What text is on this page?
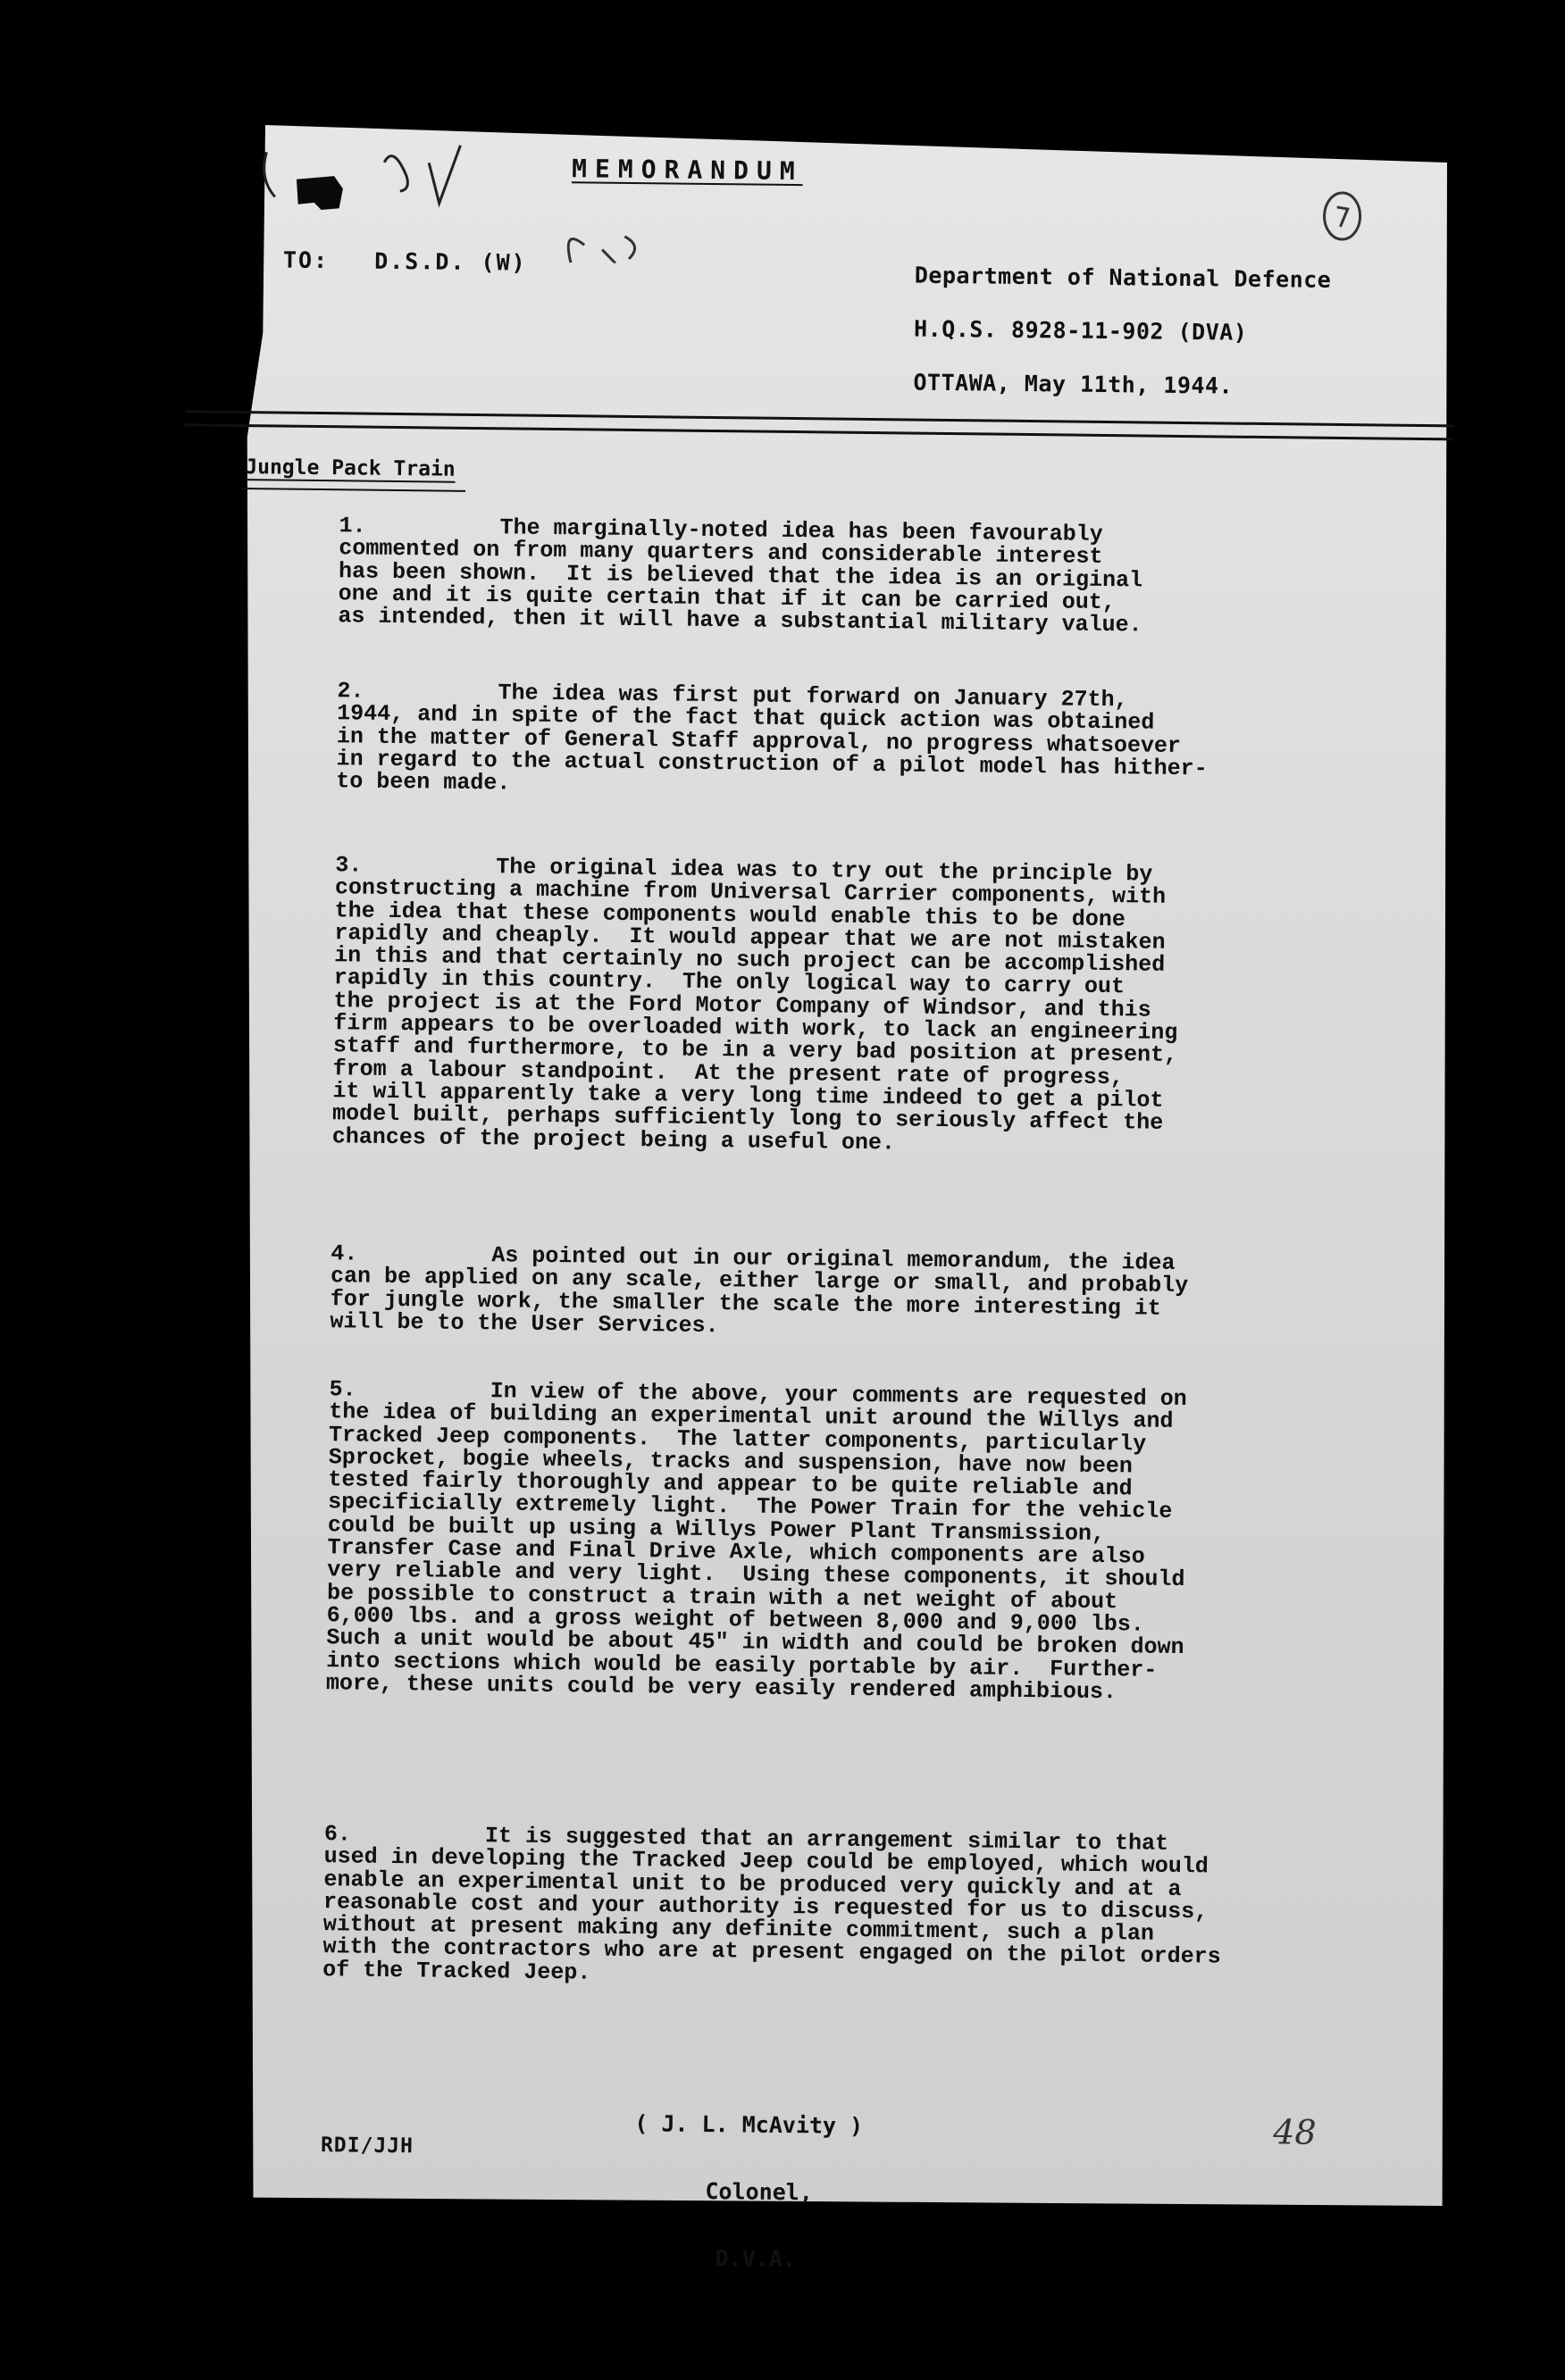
MEMORANDUM
TO: D.S.D. (W)
Department of National Defence
H.Q.S. 8928-11-902 (DVA)
OTTAWA, May 11th, 1944.
Jungle Pack Train
1.          The marginally-noted idea has been favourably
commented on from many quarters and considerable interest
has been shown.  It is believed that the idea is an original
one and it is quite certain that if it can be carried out,
as intended, then it will have a substantial military value.
2.          The idea was first put forward on January 27th,
1944, and in spite of the fact that quick action was obtained
in the matter of General Staff approval, no progress whatsoever
in regard to the actual construction of a pilot model has hither-
to been made.
3.          The original idea was to try out the principle by
constructing a machine from Universal Carrier components, with
the idea that these components would enable this to be done
rapidly and cheaply.  It would appear that we are not mistaken
in this and that certainly no such project can be accomplished
rapidly in this country.  The only logical way to carry out
the project is at the Ford Motor Company of Windsor, and this
firm appears to be overloaded with work, to lack an engineering
staff and furthermore, to be in a very bad position at present,
from a labour standpoint.  At the present rate of progress,
it will apparently take a very long time indeed to get a pilot
model built, perhaps sufficiently long to seriously affect the
chances of the project being a useful one.
4.          As pointed out in our original memorandum, the idea
can be applied on any scale, either large or small, and probably
for jungle work, the smaller the scale the more interesting it
will be to the User Services.
5.          In view of the above, your comments are requested on
the idea of building an experimental unit around the Willys and
Tracked Jeep components.  The latter components, particularly
Sprocket, bogie wheels, tracks and suspension, have now been
tested fairly thoroughly and appear to be quite reliable and
specificially extremely light.  The Power Train for the vehicle
could be built up using a Willys Power Plant Transmission,
Transfer Case and Final Drive Axle, which components are also
very reliable and very light.  Using these components, it should
be possible to construct a train with a net weight of about
6,000 lbs. and a gross weight of between 8,000 and 9,000 lbs.
Such a unit would be about 45" in width and could be broken down
into sections which would be easily portable by air.  Further-
more, these units could be very easily rendered amphibious.
6.          It is suggested that an arrangement similar to that
used in developing the Tracked Jeep could be employed, which would
enable an experimental unit to be produced very quickly and at a
reasonable cost and your authority is requested for us to discuss,
without at present making any definite commitment, such a plan
with the contractors who are at present engaged on the pilot orders
of the Tracked Jeep.

( J. L. McAvity )

Colonel,

D.V.A.

RDI/JJH	48
